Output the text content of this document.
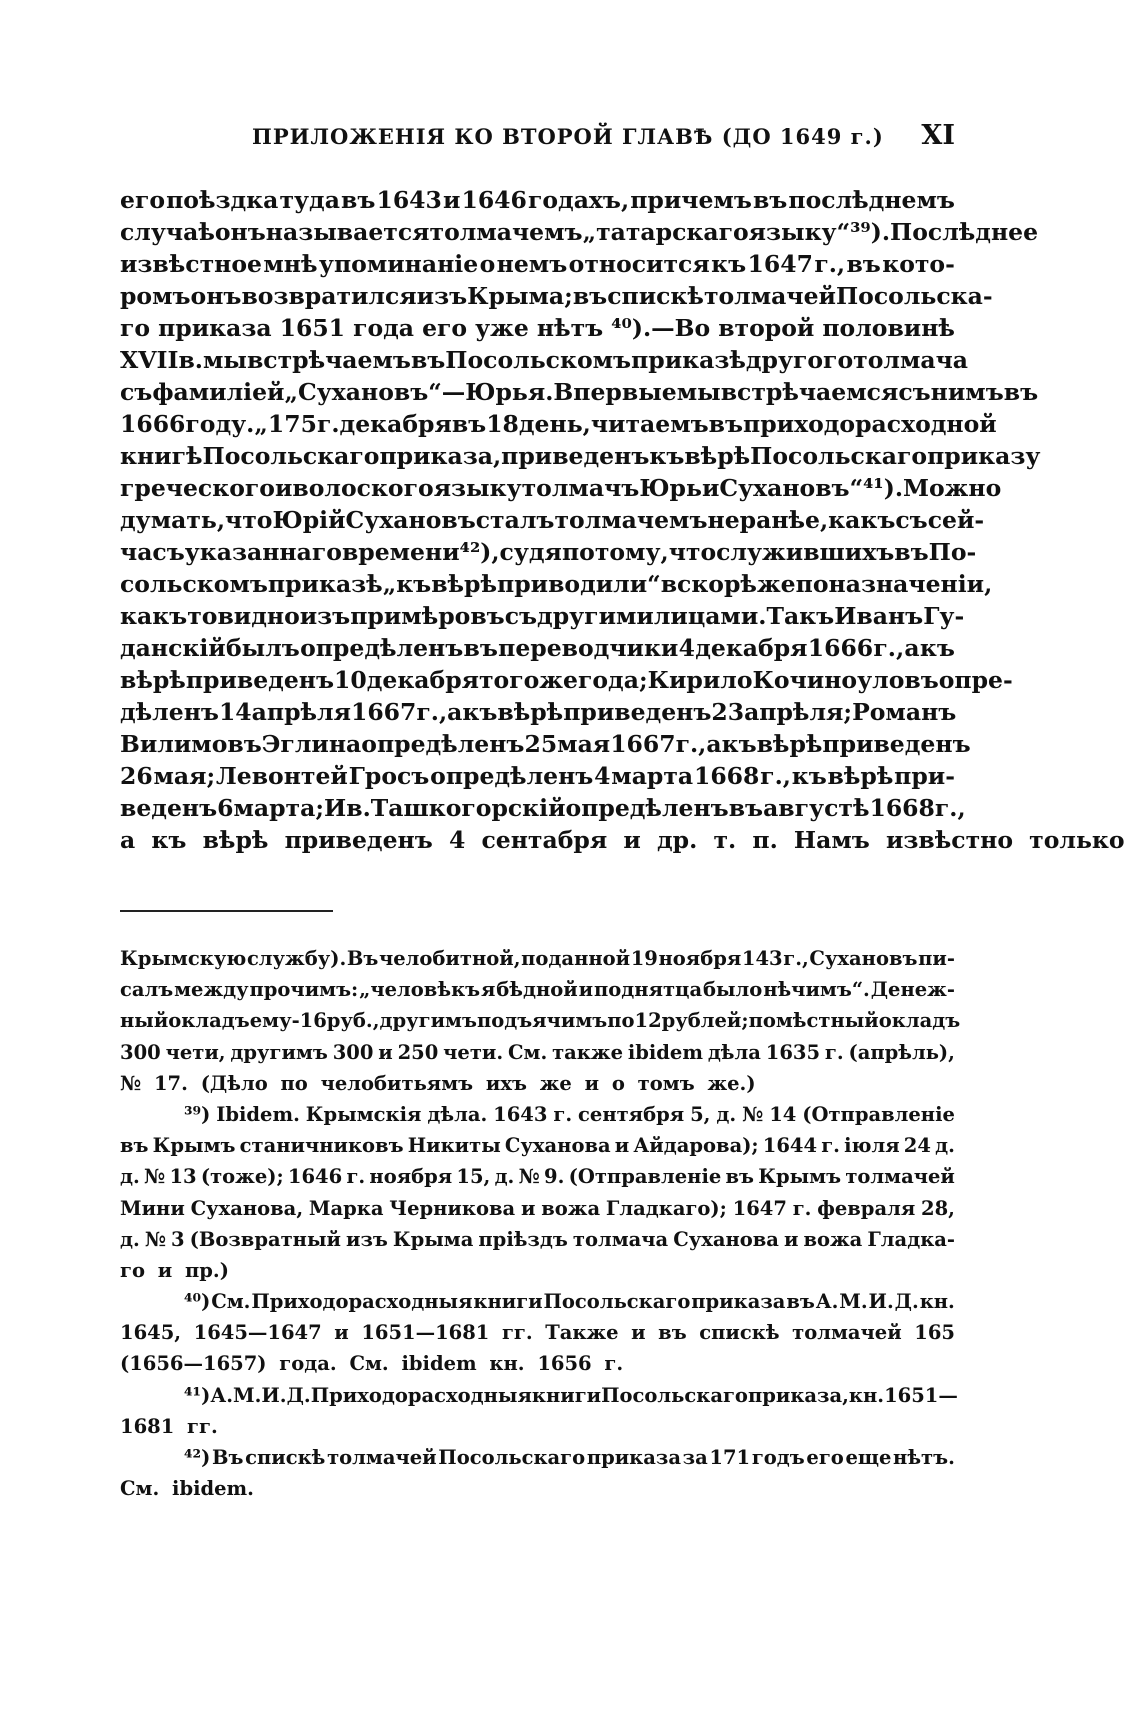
ПРИЛОЖЕНІЯ КО ВТОРОЙ ГЛАВѢ (ДО 1649 г.) XI
его поѣздка туда въ 1643 и 1646 годахъ, причемъ въ послѣднемъ
случаѣ онъ называется толмачемъ „татарскаго языку“ ³⁹). Послѣднее
извѣстное мнѣ упоминаніе о немъ относится къ 1647 г., въ кото-
ромъ онъ возвратился изъ Крыма; въ спискѣ толмачей Посольска-
го приказа 1651 года его уже нѣтъ ⁴⁰).—Во второй половинѣ
XVII в. мы встрѣчаемъ въ Посольскомъ приказѣ другого толмача
съ фамиліей „Сухановъ“—Юрья. Впервые мы встрѣчаемся съ нимъ въ
1666 году. „175 г. декабря въ 18 день, читаемъ въ приходорасходной
книгѣ Посольскаго приказа, приведенъ къ вѣрѣ Посольскаго приказу
греческого и волоского языку толмачъ Юрьи Сухановъ“ ⁴¹). Можно
думать, что Юрій Сухановъ сталъ толмачемъ не ранѣе, какъ съ сей-
часъ указаннаго времени ⁴²), судя по тому, что служившихъ въ По-
сольскомъ приказѣ „къ вѣрѣ приводили“ вскорѣ же по назначеніи,
какъ то видно изъ примѣровъ съ другими лицами. Такъ Иванъ Гу-
данскій былъ опредѣленъ въ переводчики 4 декабря 1666 г., а къ
вѣрѣ приведенъ 10 декабря того же года; Кирило Кочиноуловъ опре-
дѣленъ 14 апрѣля 1667 г., а къ вѣрѣ приведенъ 23 апрѣля; Романъ
Вилимовъ Эглина опредѣленъ 25 мая 1667 г., а къ вѣрѣ приведенъ
26 мая; Левонтей Гросъ опредѣленъ 4 марта 1668 г., къ вѣрѣ при-
веденъ 6 марта; Ив. Ташкогорскій опредѣленъ въ августѣ 1668 г.,
а къ вѣрѣ приведенъ 4 сентабря и др. т. п. Намъ извѣстно только
Крымскую службу). Въ челобитной, поданной 19 ноября 143 г., Сухановъ пи-
салъ между прочимъ: „человѣкъ я бѣдной и поднятца было нѣчимъ“. Денеж-
ный окладъ ему - 16 руб., другимъ подъячимъ по 12 рублей; помѣстный окладъ
300 чети, другимъ 300 и 250 чети. См. также ibidem дѣла 1635 г. (апрѣль),
№ 17. (Дѣло по челобитьямъ ихъ же и о томъ же.)
³⁹) Ibidem. Крымскія дѣла. 1643 г. сентября 5, д. № 14 (Отправленіе
въ Крымъ станичниковъ Никиты Суханова и Айдарова); 1644 г. іюля 24 д.
д. № 13 (тоже); 1646 г. ноября 15, д. № 9. (Отправленіе въ Крымъ толмачей
Мини Суханова, Марка Черникова и вожа Гладкаго); 1647 г. февраля 28,
д. № 3 (Возвратный изъ Крыма пріѣздъ толмача Суханова и вожа Гладка-
го и пр.)
⁴⁰) См. Приходорасходныя книги Посольскаго приказа въ А. М. И. Д. кн.
1645, 1645—1647 и 1651—1681 гг. Также и въ спискѣ толмачей 165
(1656—1657) года. См. ibidem кн. 1656 г.
⁴¹) А. М. И. Д. Приходорасходныя книги Посольскаго приказа, кн. 1651—
1681 гг.
⁴²) Въ спискѣ толмачей Посольскаго приказа за 171 годъ его еще нѣтъ.
См. ibidem.
